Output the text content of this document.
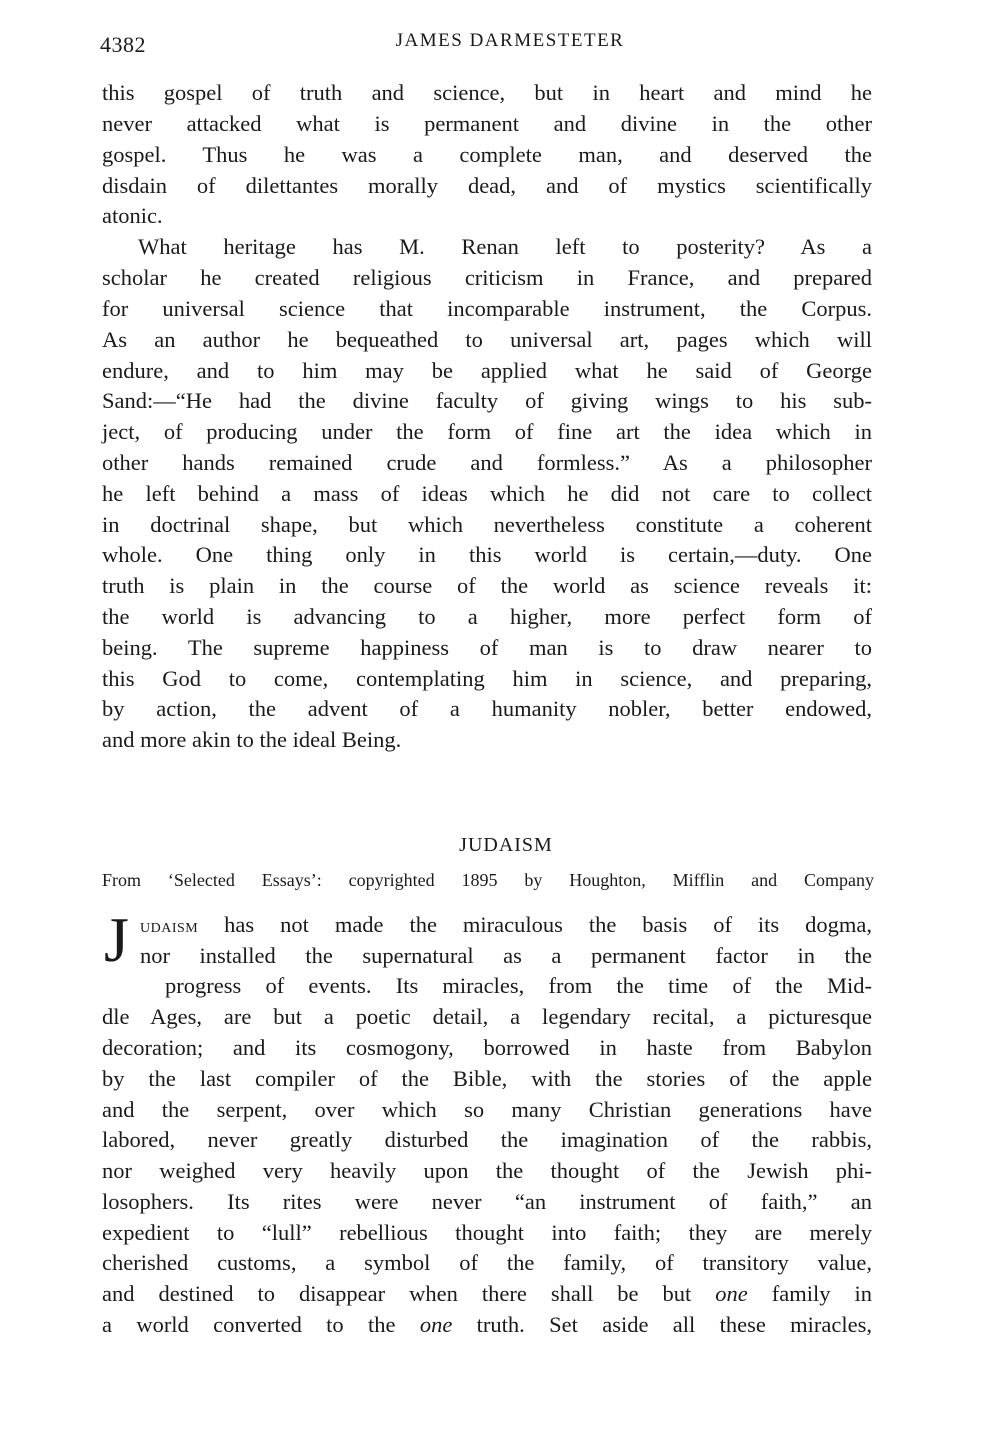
4382	JAMES DARMESTETER
this gospel of truth and science, but in heart and mind he
never attacked what is permanent and divine in the other
gospel. Thus he was a complete man, and deserved the
disdain of dilettantes morally dead, and of mystics scientifically
atonic.
What heritage has M. Renan left to posterity? As a
scholar he created religious criticism in France, and prepared
for universal science that incomparable instrument, the Corpus.
As an author he bequeathed to universal art, pages which will
endure, and to him may be applied what he said of George
Sand:—“He had the divine faculty of giving wings to his sub-
ject, of producing under the form of fine art the idea which in
other hands remained crude and formless.” As a philosopher
he left behind a mass of ideas which he did not care to collect
in doctrinal shape, but which nevertheless constitute a coherent
whole. One thing only in this world is certain,—duty. One
truth is plain in the course of the world as science reveals it:
the world is advancing to a higher, more perfect form of
being. The supreme happiness of man is to draw nearer to
this God to come, contemplating him in science, and preparing,
by action, the advent of a humanity nobler, better endowed,
and more akin to the ideal Being.
JUDAISM
From ‘Selected Essays’: copyrighted 1895 by Houghton, Mifflin and Company
J udaism has not made the miraculous the basis of its dogma,
nor installed the supernatural as a permanent factor in the
progress of events. Its miracles, from the time of the Mid-
dle Ages, are but a poetic detail, a legendary recital, a picturesque
decoration; and its cosmogony, borrowed in haste from Babylon
by the last compiler of the Bible, with the stories of the apple
and the serpent, over which so many Christian generations have
labored, never greatly disturbed the imagination of the rabbis,
nor weighed very heavily upon the thought of the Jewish phi-
losophers. Its rites were never “an instrument of faith,” an
expedient to “lull” rebellious thought into faith; they are merely
cherished customs, a symbol of the family, of transitory value,
and destined to disappear when there shall be but one family in
a world converted to the one truth. Set aside all these miracles,
